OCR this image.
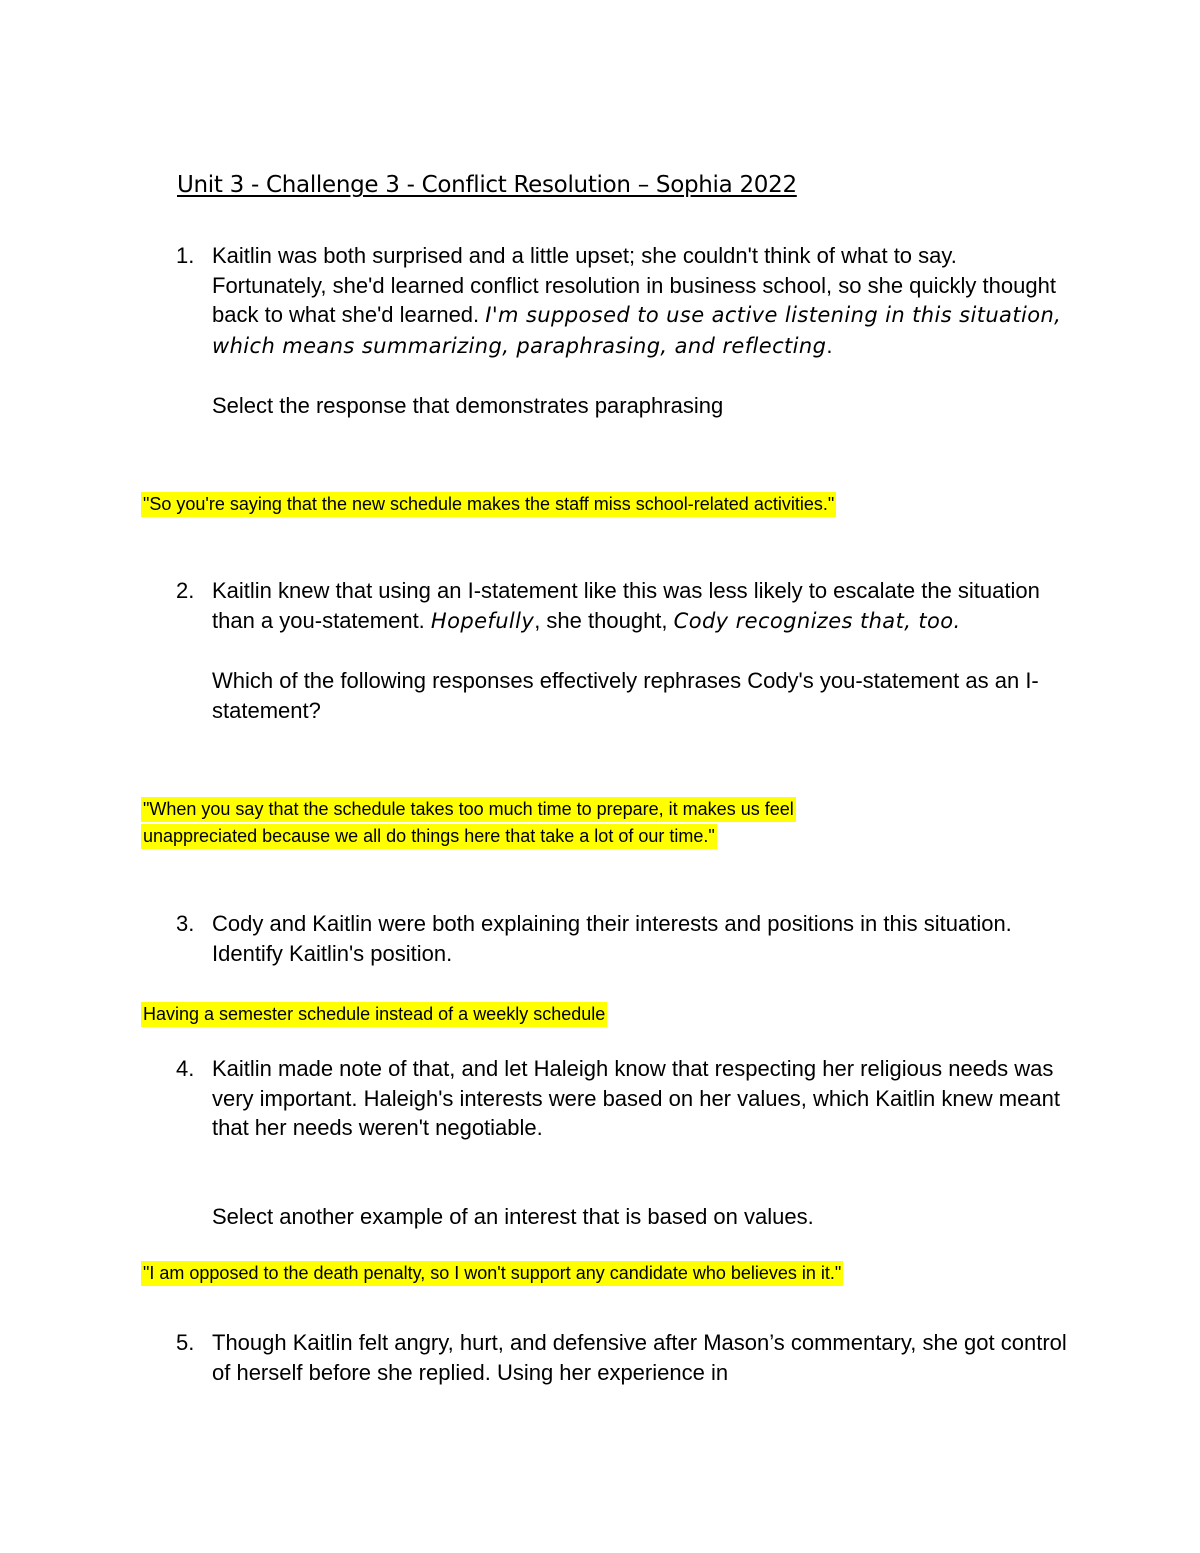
Unit 3 - Challenge 3 - Conflict Resolution – Sophia 2022
1. Kaitlin was both surprised and a little upset; she couldn't think of what to say. Fortunately, she'd learned conflict resolution in business school, so she quickly thought back to what she'd learned. I'm supposed to use active listening in this situation, which means summarizing, paraphrasing, and reflecting.

Select the response that demonstrates paraphrasing

"So you're saying that the new schedule makes the staff miss school-related activities."
2. Kaitlin knew that using an I-statement like this was less likely to escalate the situation than a you-statement. Hopefully, she thought, Cody recognizes that, too.

Which of the following responses effectively rephrases Cody's you-statement as an I-statement?

"When you say that the schedule takes too much time to prepare, it makes us feel
unappreciated because we all do things here that take a lot of our time."
3. Cody and Kaitlin were both explaining their interests and positions in this situation. Identify Kaitlin's position.

Having a semester schedule instead of a weekly schedule
4. Kaitlin made note of that, and let Haleigh know that respecting her religious needs was very important. Haleigh's interests were based on her values, which Kaitlin knew meant that her needs weren't negotiable.

Select another example of an interest that is based on values.

"I am opposed to the death penalty, so I won't support any candidate who believes in it."
5. Though Kaitlin felt angry, hurt, and defensive after Mason’s commentary, she got control of herself before she replied. Using her experience in
